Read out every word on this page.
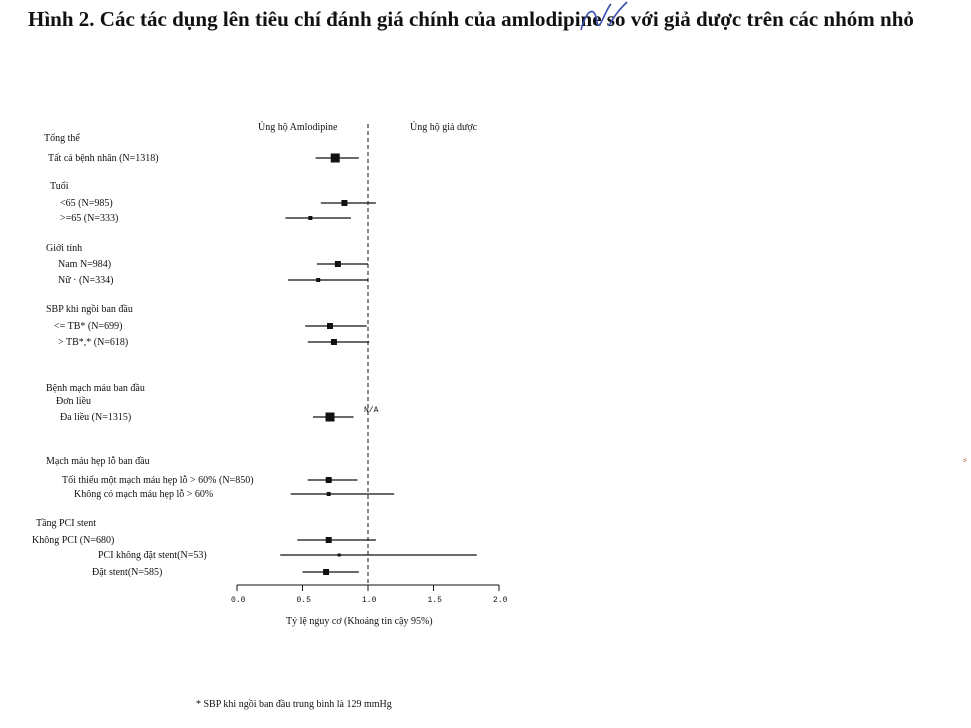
Hình 2. Các tác dụng lên tiêu chí đánh giá chính của amlodipine so với giả dược trên các nhóm nhỏ
Ủng hộ Amlodipine	Ủng hộ giả dược
0.0	0.5	1.0	1.5	2.0
Tổng thể
Tất cả bệnh nhân (N=1318)
Tuổi
<65 (N=985)
>=65 (N=333)
Giới tính
Nam N=984)
Nữ · (N=334)
SBP khi ngồi ban đầu
<= TB* (N=699)
> TB*,* (N=618)
Bệnh mạch máu ban đầu
Đơn liều
N/A
Đa liều (N=1315)
Mạch máu hẹp lỗ ban đầu
Tối thiểu một mạch máu hẹp lỗ > 60% (N=850)
Không có mạch máu hẹp lỗ > 60%
Tầng PCI stent
Không PCI (N=680)
PCI không đặt stent(N=53)
Đặt stent(N=585)
Tỷ lệ nguy cơ (Khoảng tin cậy 95%)
* SBP khi ngồi ban đầu trung bình là 129 mmHg
⸗
